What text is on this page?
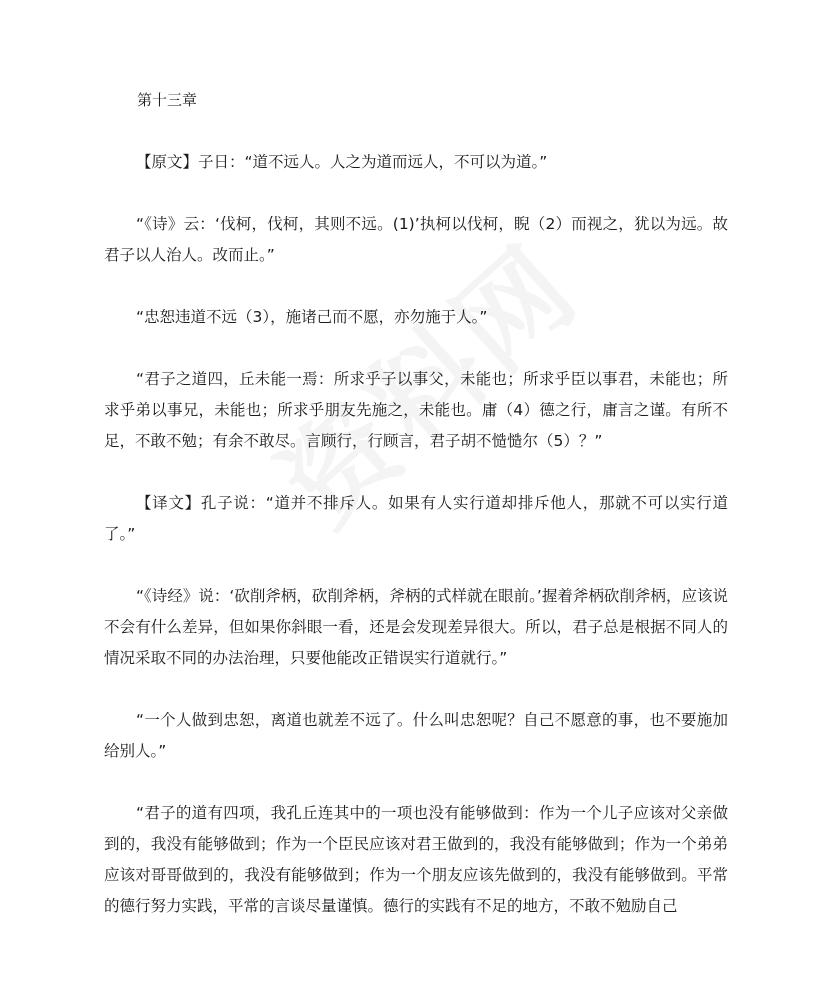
第十三章

【原文】子日：“道不远人。人之为道而远人，不可以为道。”

“《诗》云：‘伐柯，伐柯，其则不远。(1)’执柯以伐柯，睨（2）而视之，犹以为远。故君子以人治人。改而止。”

“忠恕违道不远（3），施诸己而不愿，亦勿施于人。”

“君子之道四，丘未能一焉：所求乎子以事父，未能也；所求乎臣以事君，未能也；所求乎弟以事兄，未能也；所求乎朋友先施之，未能也。庸（4）德之行，庸言之谨。有所不足，不敢不勉；有余不敢尽。言顾行，行顾言，君子胡不慥慥尔（5）？”

【译文】孔子说：“道并不排斥人。如果有人实行道却排斥他人，那就不可以实行道了。”

“《诗经》说：‘砍削斧柄，砍削斧柄，斧柄的式样就在眼前。’握着斧柄砍削斧柄，应该说不会有什么差异，但如果你斜眼一看，还是会发现差异很大。所以，君子总是根据不同人的情况采取不同的办法治理，只要他能改正错误实行道就行。”

“一个人做到忠恕，离道也就差不远了。什么叫忠恕呢？自己不愿意的事，也不要施加给别人。”

“君子的道有四项，我孔丘连其中的一项也没有能够做到：作为一个儿子应该对父亲做到的，我没有能够做到；作为一个臣民应该对君王做到的，我没有能够做到；作为一个弟弟应该对哥哥做到的，我没有能够做到；作为一个朋友应该先做到的，我没有能够做到。平常的德行努力实践，平常的言谈尽量谨慎。德行的实践有不足的地方，不敢不勉励自己
